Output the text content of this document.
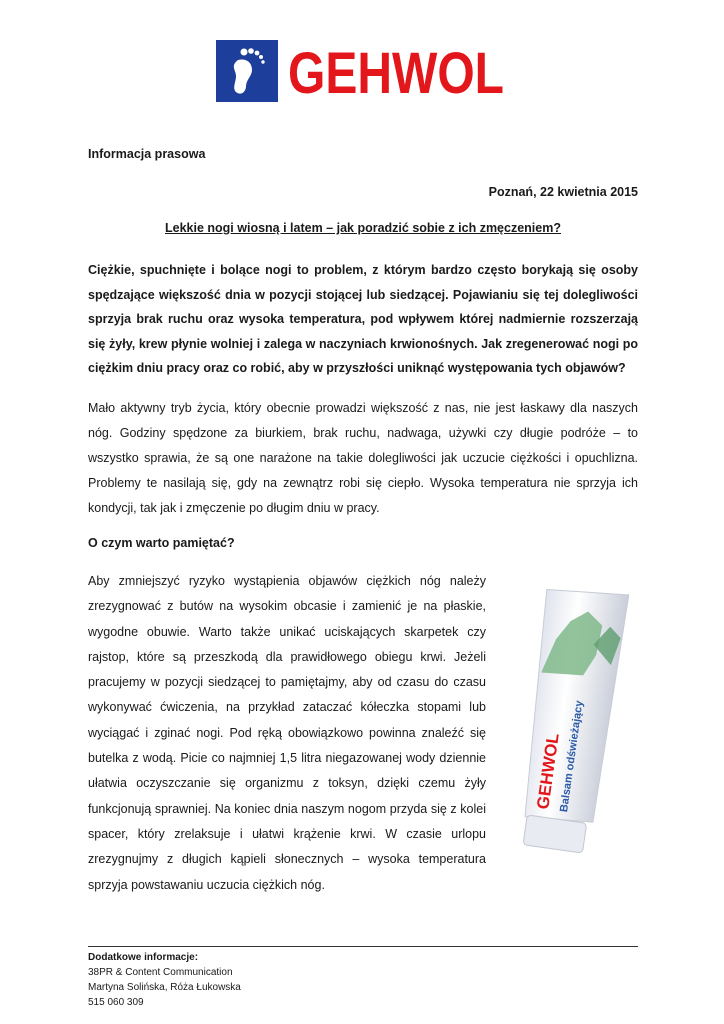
GEHWOL
Informacja prasowa
Poznań, 22 kwietnia 2015
Lekkie nogi wiosną i latem – jak poradzić sobie z ich zmęczeniem?
Ciężkie, spuchnięte i bolące nogi to problem, z którym bardzo często borykają się osoby spędzające większość dnia w pozycji stojącej lub siedzącej. Pojawianiu się tej dolegliwości sprzyja brak ruchu oraz wysoka temperatura, pod wpływem której nadmiernie rozszerzają się żyły, krew płynie wolniej i zalega w naczyniach krwionośnych. Jak zregenerować nogi po ciężkim dniu pracy oraz co robić, aby w przyszłości uniknąć występowania tych objawów?
Mało aktywny tryb życia, który obecnie prowadzi większość z nas, nie jest łaskawy dla naszych nóg. Godziny spędzone za biurkiem, brak ruchu, nadwaga, używki czy długie podróże – to wszystko sprawia, że są one narażone na takie dolegliwości jak uczucie ciężkości i opuchlizna. Problemy te nasilają się, gdy na zewnątrz robi się ciepło. Wysoka temperatura nie sprzyja ich kondycji, tak jak i zmęczenie po długim dniu w pracy.
O czym warto pamiętać?
Aby zmniejszyć ryzyko wystąpienia objawów ciężkich nóg należy zrezygnować z butów na wysokim obcasie i zamienić je na płaskie, wygodne obuwie. Warto także unikać uciskających skarpetek czy rajstop, które są przeszkodą dla prawidłowego obiegu krwi. Jeżeli pracujemy w pozycji siedzącej to pamiętajmy, aby od czasu do czasu wykonywać ćwiczenia, na przykład zataczać kółeczka stopami lub wyciągać i zginać nogi. Pod ręką obowiązkowo powinna znaleźć się butelka z wodą. Picie co najmniej 1,5 litra niegazowanej wody dziennie ułatwia oczyszczanie się organizmu z toksyn, dzięki czemu żyły funkcjonują sprawniej. Na koniec dnia naszym nogom przyda się z kolei spacer, który zrelaksuje i ułatwi krążenie krwi. W czasie urlopu zrezygnujmy z długich kąpieli słonecznych – wysoka temperatura sprzyja powstawaniu uczucia ciężkich nóg.
GEHWOL
Balsam odświeżający
Dodatkowe informacje:
38PR & Content Communication
Martyna Solińska, Róża Łukowska
515 060 309
